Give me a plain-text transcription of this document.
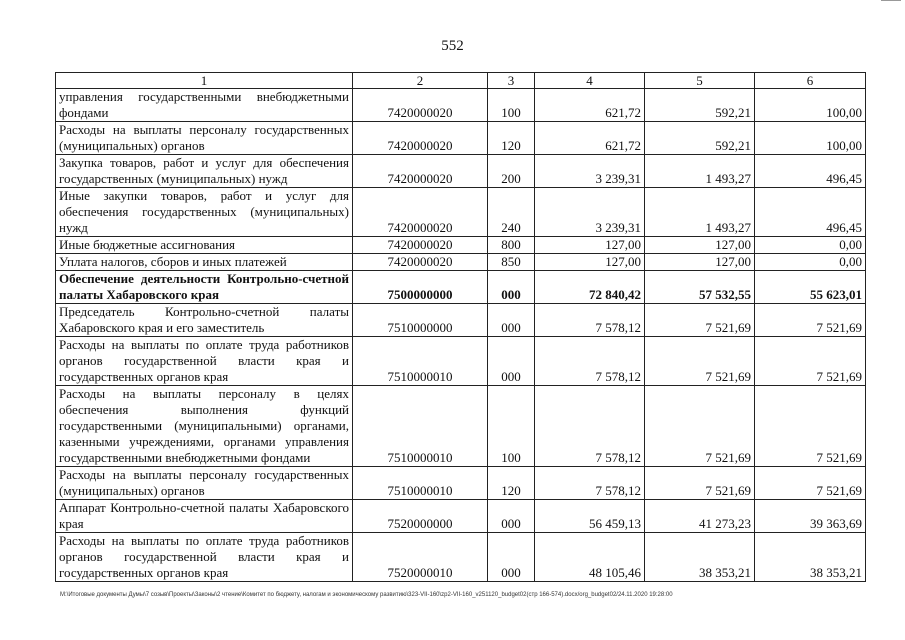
552
1	2	3	4	5	6
управления государственными внебюджетными фондами	7420000020	100	621,72	592,21	100,00
Расходы на выплаты персоналу государственных (муниципальных) органов	7420000020	120	621,72	592,21	100,00
Закупка товаров, работ и услуг для обеспечения государственных (муниципальных) нужд	7420000020	200	3 239,31	1 493,27	496,45
Иные закупки товаров, работ и услуг для обеспечения государственных (муниципальных) нужд	7420000020	240	3 239,31	1 493,27	496,45
Иные бюджетные ассигнования	7420000020	800	127,00	127,00	0,00
Уплата налогов, сборов и иных платежей	7420000020	850	127,00	127,00	0,00
Обеспечение деятельности Контрольно-счетной палаты Хабаровского края	7500000000	000	72 840,42	57 532,55	55 623,01
Председатель Контрольно-счетной палаты Хабаровского края и его заместитель	7510000000	000	7 578,12	7 521,69	7 521,69
Расходы на выплаты по оплате труда работников органов государственной власти края и государственных органов края	7510000010	000	7 578,12	7 521,69	7 521,69
Расходы на выплаты персоналу в целях обеспечения выполнения функций государственными (муниципальными) органами, казенными учреждениями, органами управления государственными внебюджетными фондами	7510000010	100	7 578,12	7 521,69	7 521,69
Расходы на выплаты персоналу государственных (муниципальных) органов	7510000010	120	7 578,12	7 521,69	7 521,69
Аппарат Контрольно-счетной палаты Хабаровского края	7520000000	000	56 459,13	41 273,23	39 363,69
Расходы на выплаты по оплате труда работников органов государственной власти края и государственных органов края	7520000010	000	48 105,46	38 353,21	38 353,21
M:\Итоговые документы Думы\7 созыв\Проекты\Законы\2 чтение\Комитет по бюджету, налогам и экономическому развитию\323-VII-160\zp2-VII-160_v251120_budget02(стр 166-574).docx/org_budget02/24.11.2020 19:28:00
